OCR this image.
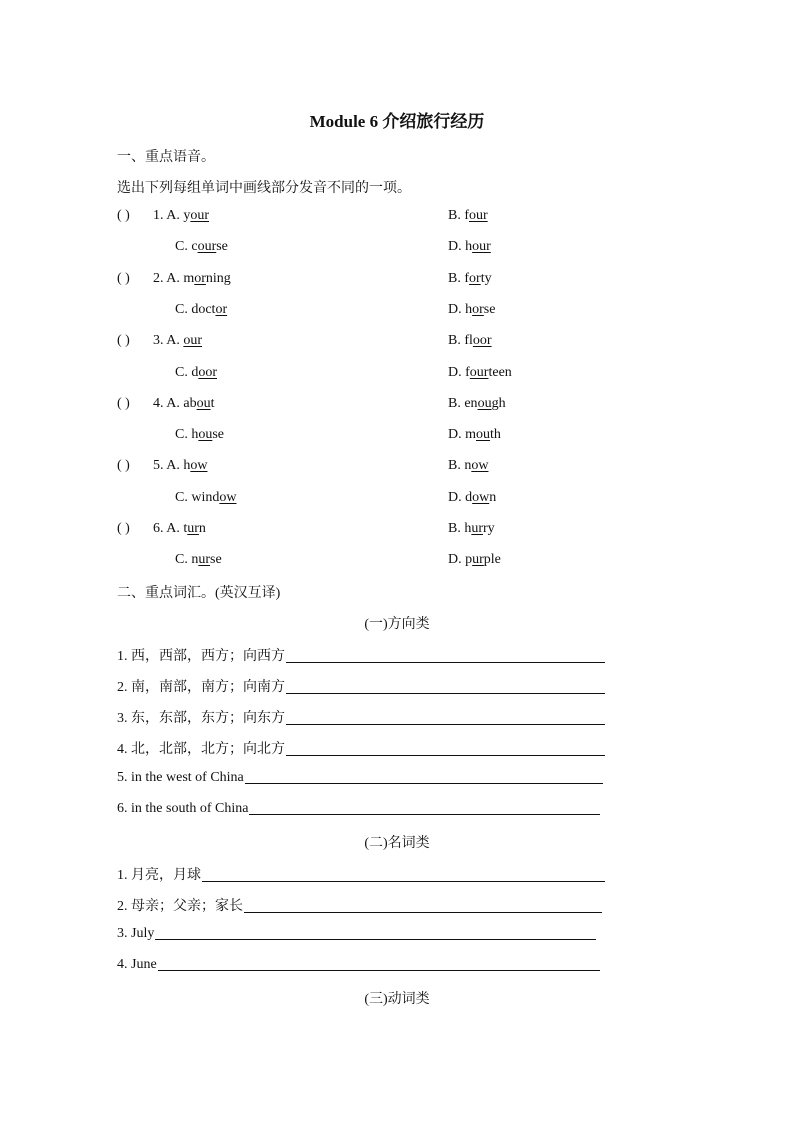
Module 6 介绍旅行经历
一、重点语音。
选出下列每组单词中画线部分发音不同的一项。
( ) 1. A. your	B. four
C. course	D. hour
( ) 2. A. morning	B. forty
C. doctor	D. horse
( ) 3. A. our	B. floor
C. door	D. fourteen
( ) 4. A. about	B. enough
C. house	D. mouth
( ) 5. A. how	B. now
C. window	D. down
( ) 6. A. turn	B. hurry
C. nurse	D. purple
二、重点词汇。(英汉互译)
(一)方向类
1. 西，西部，西方；向西方
2. 南，南部，南方；向南方
3. 东，东部，东方；向东方
4. 北，北部，北方；向北方
5. in the west of China
6. in the south of China
(二)名词类
1. 月亮，月球
2. 母亲；父亲；家长
3. July
4. June
(三)动词类
